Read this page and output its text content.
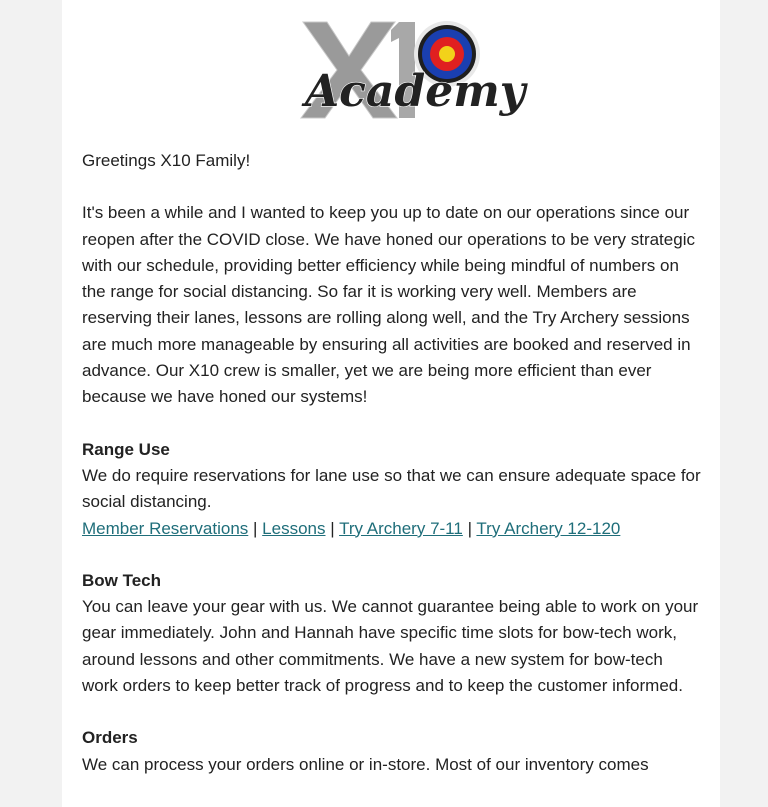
Academy

Greetings X10 Family!

It's been a while and I wanted to keep you up to date on our operations since our reopen after the COVID close. We have honed our operations to be very strategic with our schedule, providing better efficiency while being mindful of numbers on the range for social distancing. So far it is working very well. Members are reserving their lanes, lessons are rolling along well, and the Try Archery sessions are much more manageable by ensuring all activities are booked and reserved in advance. Our X10 crew is smaller, yet we are being more efficient than ever because we have honed our systems!

Range Use
We do require reservations for lane use so that we can ensure adequate space for social distancing.
Member Reservations | Lessons | Try Archery 7-11 | Try Archery 12-120

Bow Tech
You can leave your gear with us. We cannot guarantee being able to work on your gear immediately. John and Hannah have specific time slots for bow-tech work, around lessons and other commitments. We have a new system for bow-tech work orders to keep better track of progress and to keep the customer informed.

Orders
We can process your orders online or in-store. Most of our inventory comes
